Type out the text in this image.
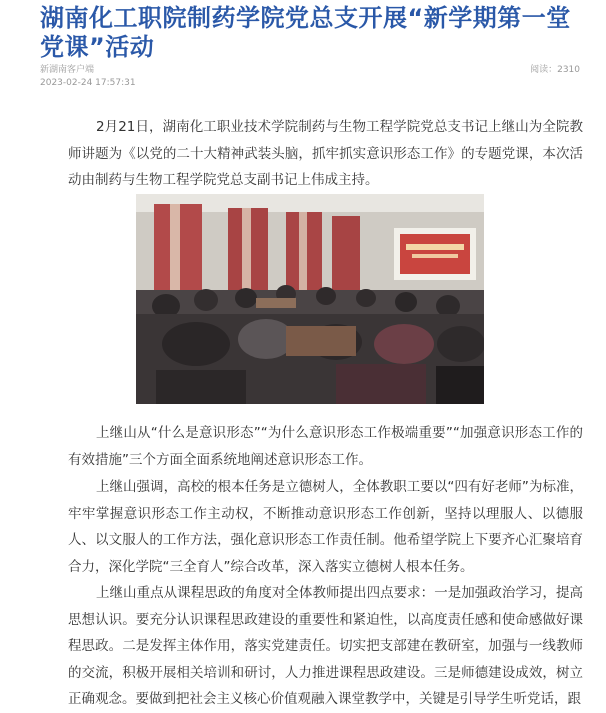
湖南化工职院制药学院党总支开展“新学期第一堂党课”活动
新湖南客户端
2023-02-24 17:57:31
阅读：2310

2月21日，湖南化工职业技术学院制药与生物工程学院党总支书记上继山为全院教师讲题为《以党的二十大精神武装头脑，抓牢抓实意识形态工作》的专题党课，本次活动由制药与生物工程学院党总支副书记上伟成主持。

上继山从“什么是意识形态”“为什么意识形态工作极端重要”“加强意识形态工作的有效措施”三个方面全面系统地阐述意识形态工作。

上继山强调，高校的根本任务是立德树人，全体教职工要以“四有好老师”为标准，牢牢掌握意识形态工作主动权，不断推动意识形态工作创新，坚持以理服人、以德服人、以文服人的工作方法，强化意识形态工作责任制。他希望学院上下要齐心汇聚培育合力，深化学院“三全育人”综合改革，深入落实立德树人根本任务。

上继山重点从课程思政的角度对全体教师提出四点要求：一是加强政治学习，提高思想认识。要充分认识课程思政建设的重要性和紧迫性，以高度责任感和使命感做好课程思政。二是发挥主体作用，落实党建责任。切实把支部建在教研室，加强与一线教师的交流，积极开展相关培训和研讨，人力推进课程思政建设。三是师德建设成效，树立正确观念。要做到把社会主义核心价值观融入课堂教学中，关键是引导学生听党话，跟
